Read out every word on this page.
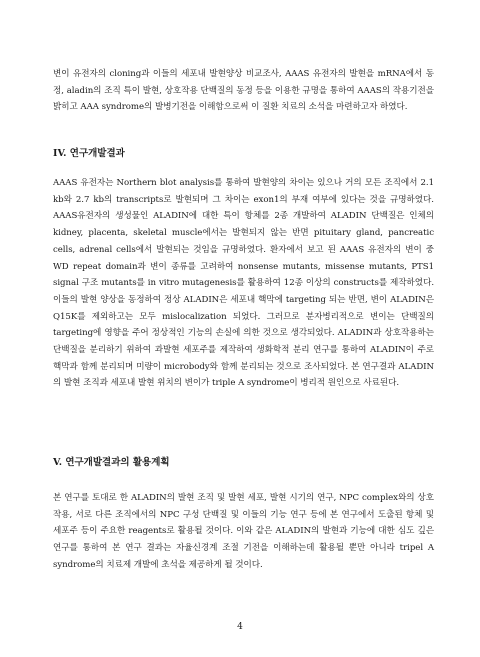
변이 유전자의 cloning과 이들의 세포내 발현양상 비교조사, AAAS 유전자의 발현을 mRNA에서 동정, aladin의 조직 특이 발현, 상호작용 단백질의 동정 등을 이용한 규명을 통하여 AAAS의 작용기전을 밝히고 AAA syndrome의 발병기전을 이해함으로써 이 질환 치료의 소석을 마련하고자 하였다.

IV. 연구개발결과

AAAS 유전자는 Northern blot analysis를 통하여 발현양의 차이는 있으나 거의 모든 조직에서 2.1 kb와 2.7 kb의 transcripts로 발현되며 그 차이는 exon1의 부재 여부에 있다는 것을 규명하였다. AAAS유전자의 생성물인 ALADIN에 대한 특이 항체를 2종 개발하여 ALADIN 단백질은 인체의 kidney, placenta, skeletal muscle에서는 발현되지 않는 반면 pituitary gland, pancreatic cells, adrenal cells에서 발현되는 것임을 규명하였다. 환자에서 보고 된 AAAS 유전자의 변이 중 WD repeat domain과 변이 종류를 고려하여 nonsense mutants, missense mutants, PTS1 signal 구조 mutants를 in vitro mutagenesis를 활용하여 12종 이상의 constructs를 제작하였다. 이들의 발현 양상을 동정하여 정상 ALADIN은 세포내 핵막에 targeting 되는 반면, 변이 ALADIN은 Q15K를 제외하고는 모두 mislocalization 되었다. 그러므로 분자병리적으로 변이는 단백질의 targeting에 영향을 주어 정상적인 기능의 손실에 의한 것으로 생각되었다. ALADIN과 상호작용하는 단백질을 분리하기 위하여 과발현 세포주를 제작하여 생화학적 분리 연구를 통하여 ALADIN이 주로 핵막과 함께 분리되며 미량이 microbody와 함께 분리되는 것으로 조사되었다. 본 연구결과 ALADIN의 발현 조직과 세포내 발현 위치의 변이가 triple A syndrome이 병리적 원인으로 사료된다.

V. 연구개발결과의 활용계획

본 연구를 토대로 한 ALADIN의 발현 조직 및 발현 세포, 발현 시기의 연구, NPC complex와의 상호작용, 서로 다른 조직에서의 NPC 구성 단백질 및 이들의 기능 연구 등에 본 연구에서 도출된 항체 및 세포주 등이 주요한 reagents로 활용될 것이다. 이와 같은 ALADIN의 발현과 기능에 대한 심도 깊은 연구를 통하여 본 연구 결과는 자율신경계 조절 기전을 이해하는데 활용될 뿐만 아니라 tripel A syndrome의 치료제 개발에 초석을 제공하게 될 것이다.

4
